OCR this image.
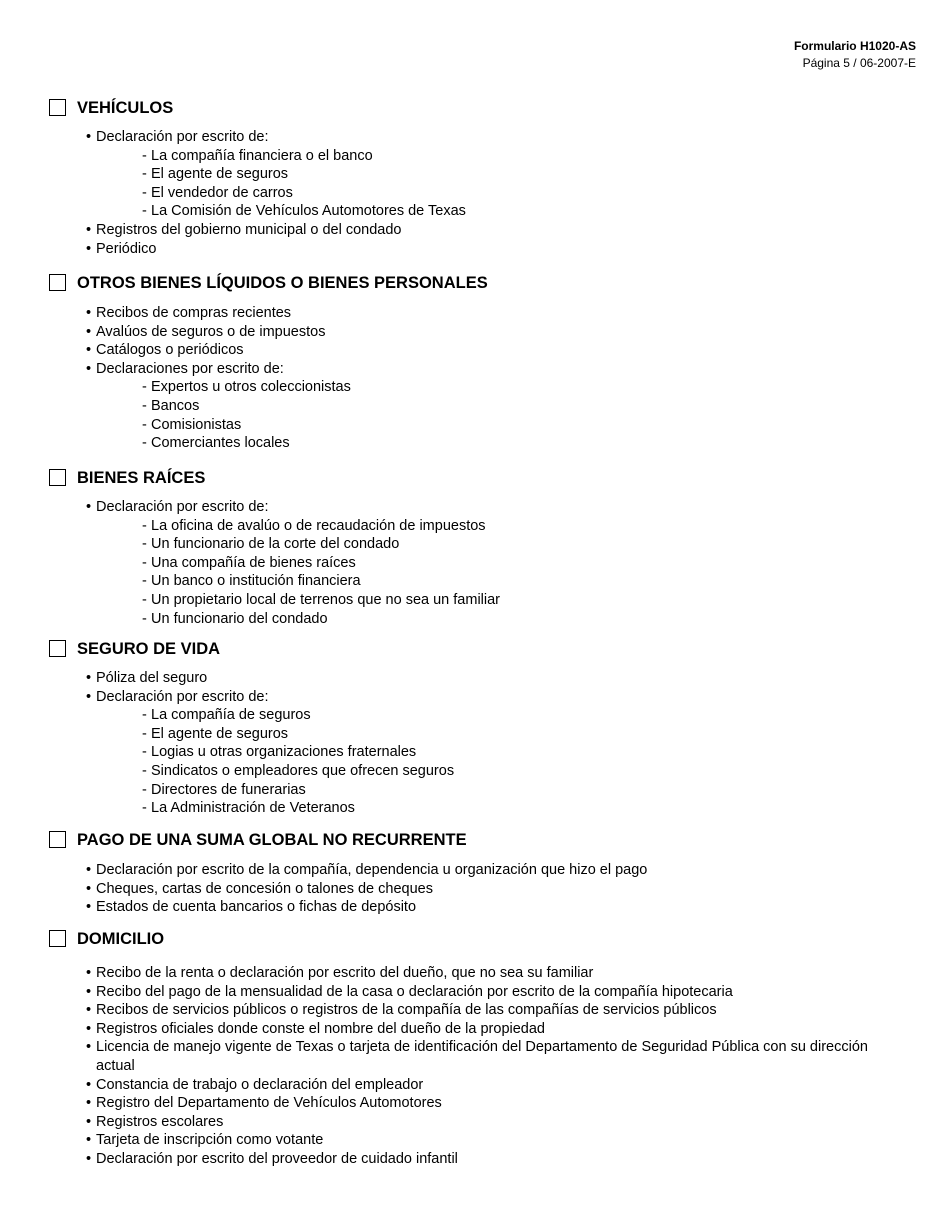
Formulario H1020-AS
Página 5 / 06-2007-E
VEHÍCULOS
• Declaración por escrito de:
- La compañía financiera o el banco
- El agente de seguros
- El vendedor de carros
- La Comisión de Vehículos Automotores de Texas
• Registros del gobierno municipal o del condado
• Periódico
OTROS BIENES LÍQUIDOS O BIENES PERSONALES
• Recibos de compras recientes
• Avalúos de seguros o de impuestos
• Catálogos o periódicos
• Declaraciones por escrito de:
- Expertos u otros coleccionistas
- Bancos
- Comisionistas
- Comerciantes locales
BIENES RAÍCES
• Declaración por escrito de:
- La oficina de avalúo o de recaudación de impuestos
- Un funcionario de la corte del condado
- Una compañía de bienes raíces
- Un banco o institución financiera
- Un propietario local de terrenos que no sea un familiar
- Un funcionario del condado
SEGURO DE VIDA
• Póliza del seguro
• Declaración por escrito de:
- La compañía de seguros
- El agente de seguros
- Logias u otras organizaciones fraternales
- Sindicatos o empleadores que ofrecen seguros
- Directores de funerarias
- La Administración de Veteranos
PAGO DE UNA SUMA GLOBAL NO RECURRENTE
• Declaración por escrito de la compañía, dependencia u organización que hizo el pago
• Cheques, cartas de concesión o talones de cheques
• Estados de cuenta bancarios o fichas de depósito
DOMICILIO
• Recibo de la renta o declaración por escrito del dueño, que no sea su familiar
• Recibo del pago de la mensualidad de la casa o declaración por escrito de la compañía hipotecaria
• Recibos de servicios públicos o registros de la compañía de las compañías de servicios públicos
• Registros oficiales donde conste el nombre del dueño de la propiedad
• Licencia de manejo vigente de Texas o tarjeta de identificación del Departamento de Seguridad Pública con su dirección actual
• Constancia de trabajo o declaración del empleador
• Registro del Departamento de Vehículos Automotores
• Registros escolares
• Tarjeta de inscripción como votante
• Declaración por escrito del proveedor de cuidado infantil
